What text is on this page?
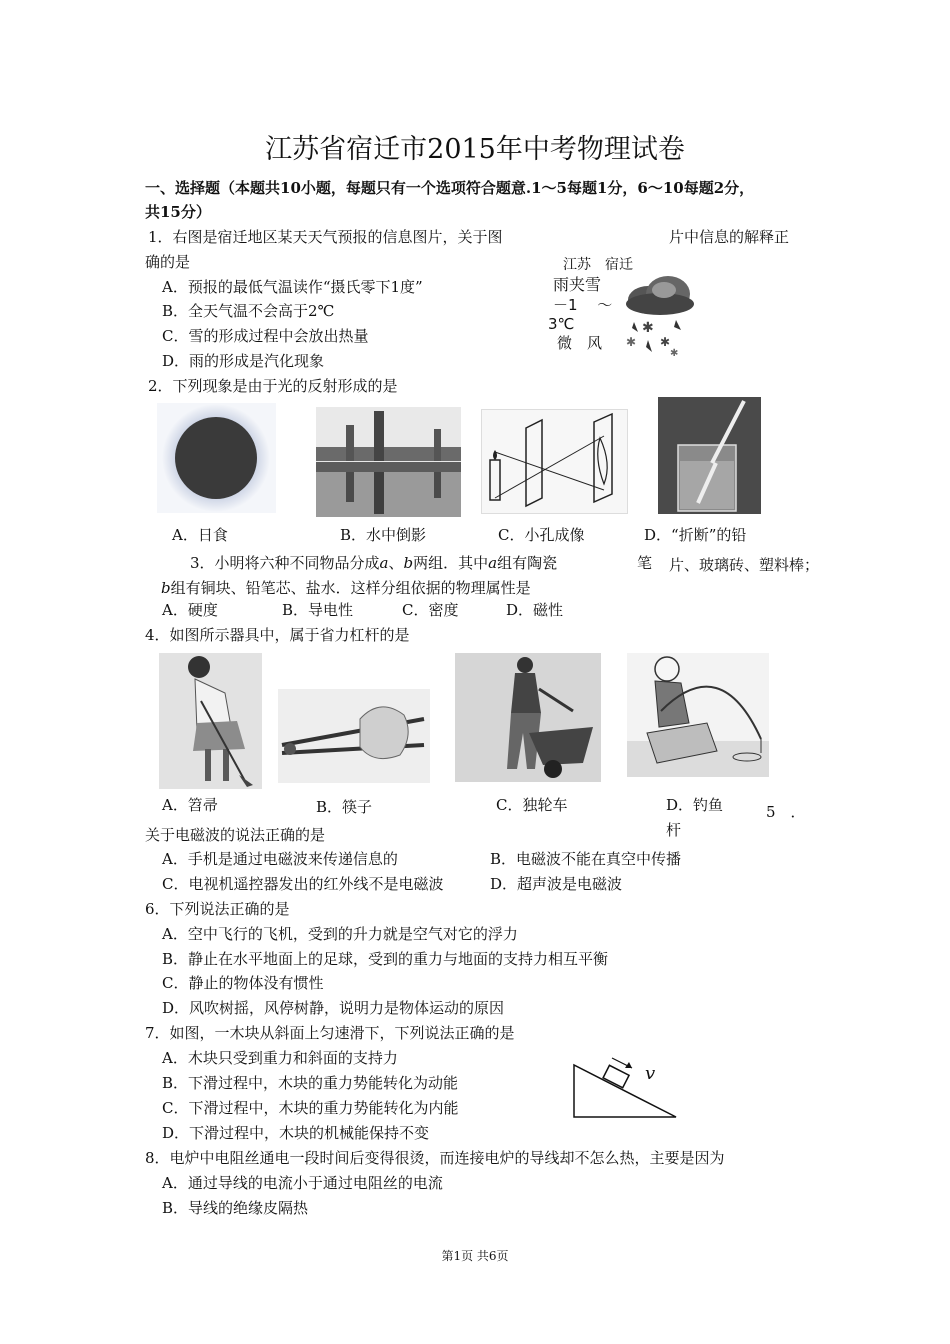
江苏省宿迁市2015年中考物理试卷
一、选择题（本题共10小题，每题只有一个选项符合题意.1～5每题1分，6～10每题2分，
共15分）
1．右图是宿迁地区某天天气预报的信息图片，关于图	片中信息的解释正
确的是
A．预报的最低气温读作“摄氏零下1度”
B．全天气温不会高于2℃
C．雪的形成过程中会放出热量
D．雨的形成是汽化现象
江苏　宿迁
雨夹雪
－1　 ～
3℃
微　风
✱
✱ ✱
✱
2．下列现象是由于光的反射形成的是
A．日食	B．水中倒影	C．小孔成像	D．“折断”的铅
3．小明将六种不同物品分成a、b两组．其中a组有陶瓷	笔 片、玻璃砖、塑料棒；
b组有铜块、铅笔芯、盐水．这样分组依据的物理属性是
A．硬度	B．导电性	C．密度	D．磁性
4．如图所示器具中，属于省力杠杆的是
A．笤帚	B．筷子	C．独轮车	D．钓鱼	5　．
杆
关于电磁波的说法正确的是
A．手机是通过电磁波来传递信息的	B．电磁波不能在真空中传播
C．电视机遥控器发出的红外线不是电磁波	D．超声波是电磁波
6．下列说法正确的是
A．空中飞行的飞机，受到的升力就是空气对它的浮力
B．静止在水平地面上的足球，受到的重力与地面的支持力相互平衡
C．静止的物体没有惯性
D．风吹树摇，风停树静，说明力是物体运动的原因
7．如图，一木块从斜面上匀速滑下，下列说法正确的是
A．木块只受到重力和斜面的支持力
B．下滑过程中，木块的重力势能转化为动能
C．下滑过程中，木块的重力势能转化为内能
D．下滑过程中，木块的机械能保持不变
v
8．电炉中电阻丝通电一段时间后变得很烫，而连接电炉的导线却不怎么热，主要是因为
A．通过导线的电流小于通过电阻丝的电流
B．导线的绝缘皮隔热
第1页 共6页
